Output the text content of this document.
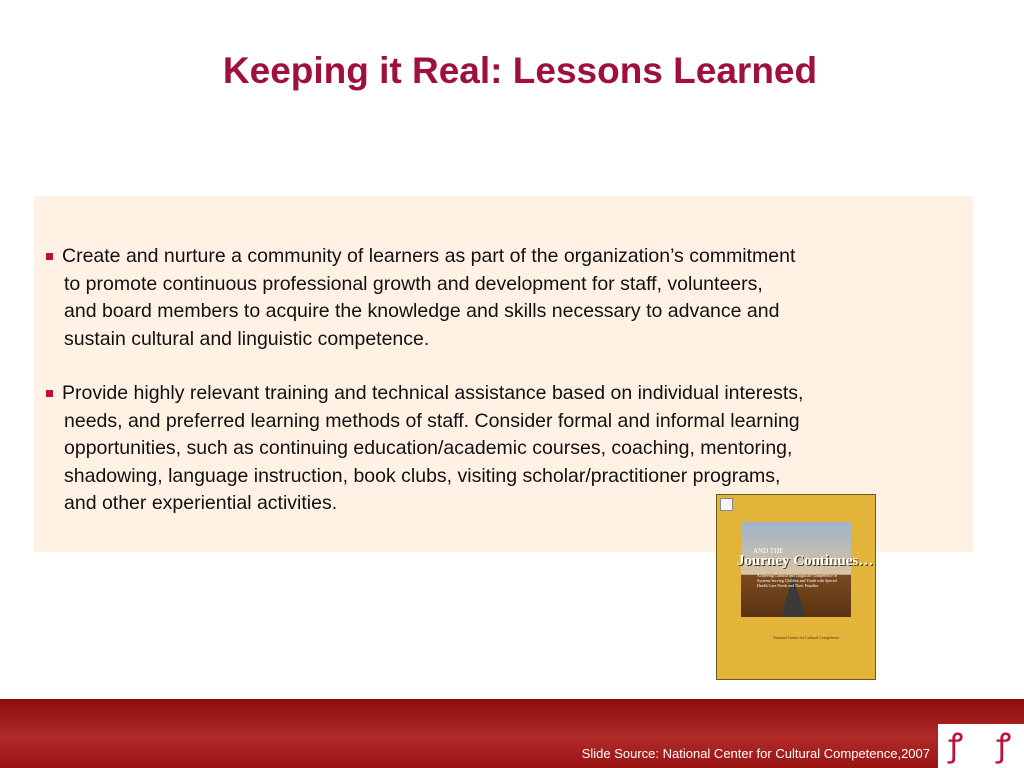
Keeping it Real: Lessons Learned
Create and nurture a community of learners as part of the organization’s commitment
to promote continuous professional growth and development for staff, volunteers,
and board members to acquire the knowledge and skills necessary to advance and
sustain cultural and linguistic competence.
Provide highly relevant training and technical assistance based on individual interests,
needs, and preferred learning methods of staff. Consider formal and informal learning
opportunities, such as continuing education/academic courses, coaching, mentoring,
shadowing, language instruction, book clubs, visiting scholar/practitioner programs,
and other experiential activities.
AND THE
Journey Continues…
Achieving Cultural and Linguistic Competence in Systems Serving Children and Youth with Special Health Care Needs and Their Families
National Center for Cultural Competence
Slide Source: National Center for Cultural Competence,2007 ꝭ ꝭ
